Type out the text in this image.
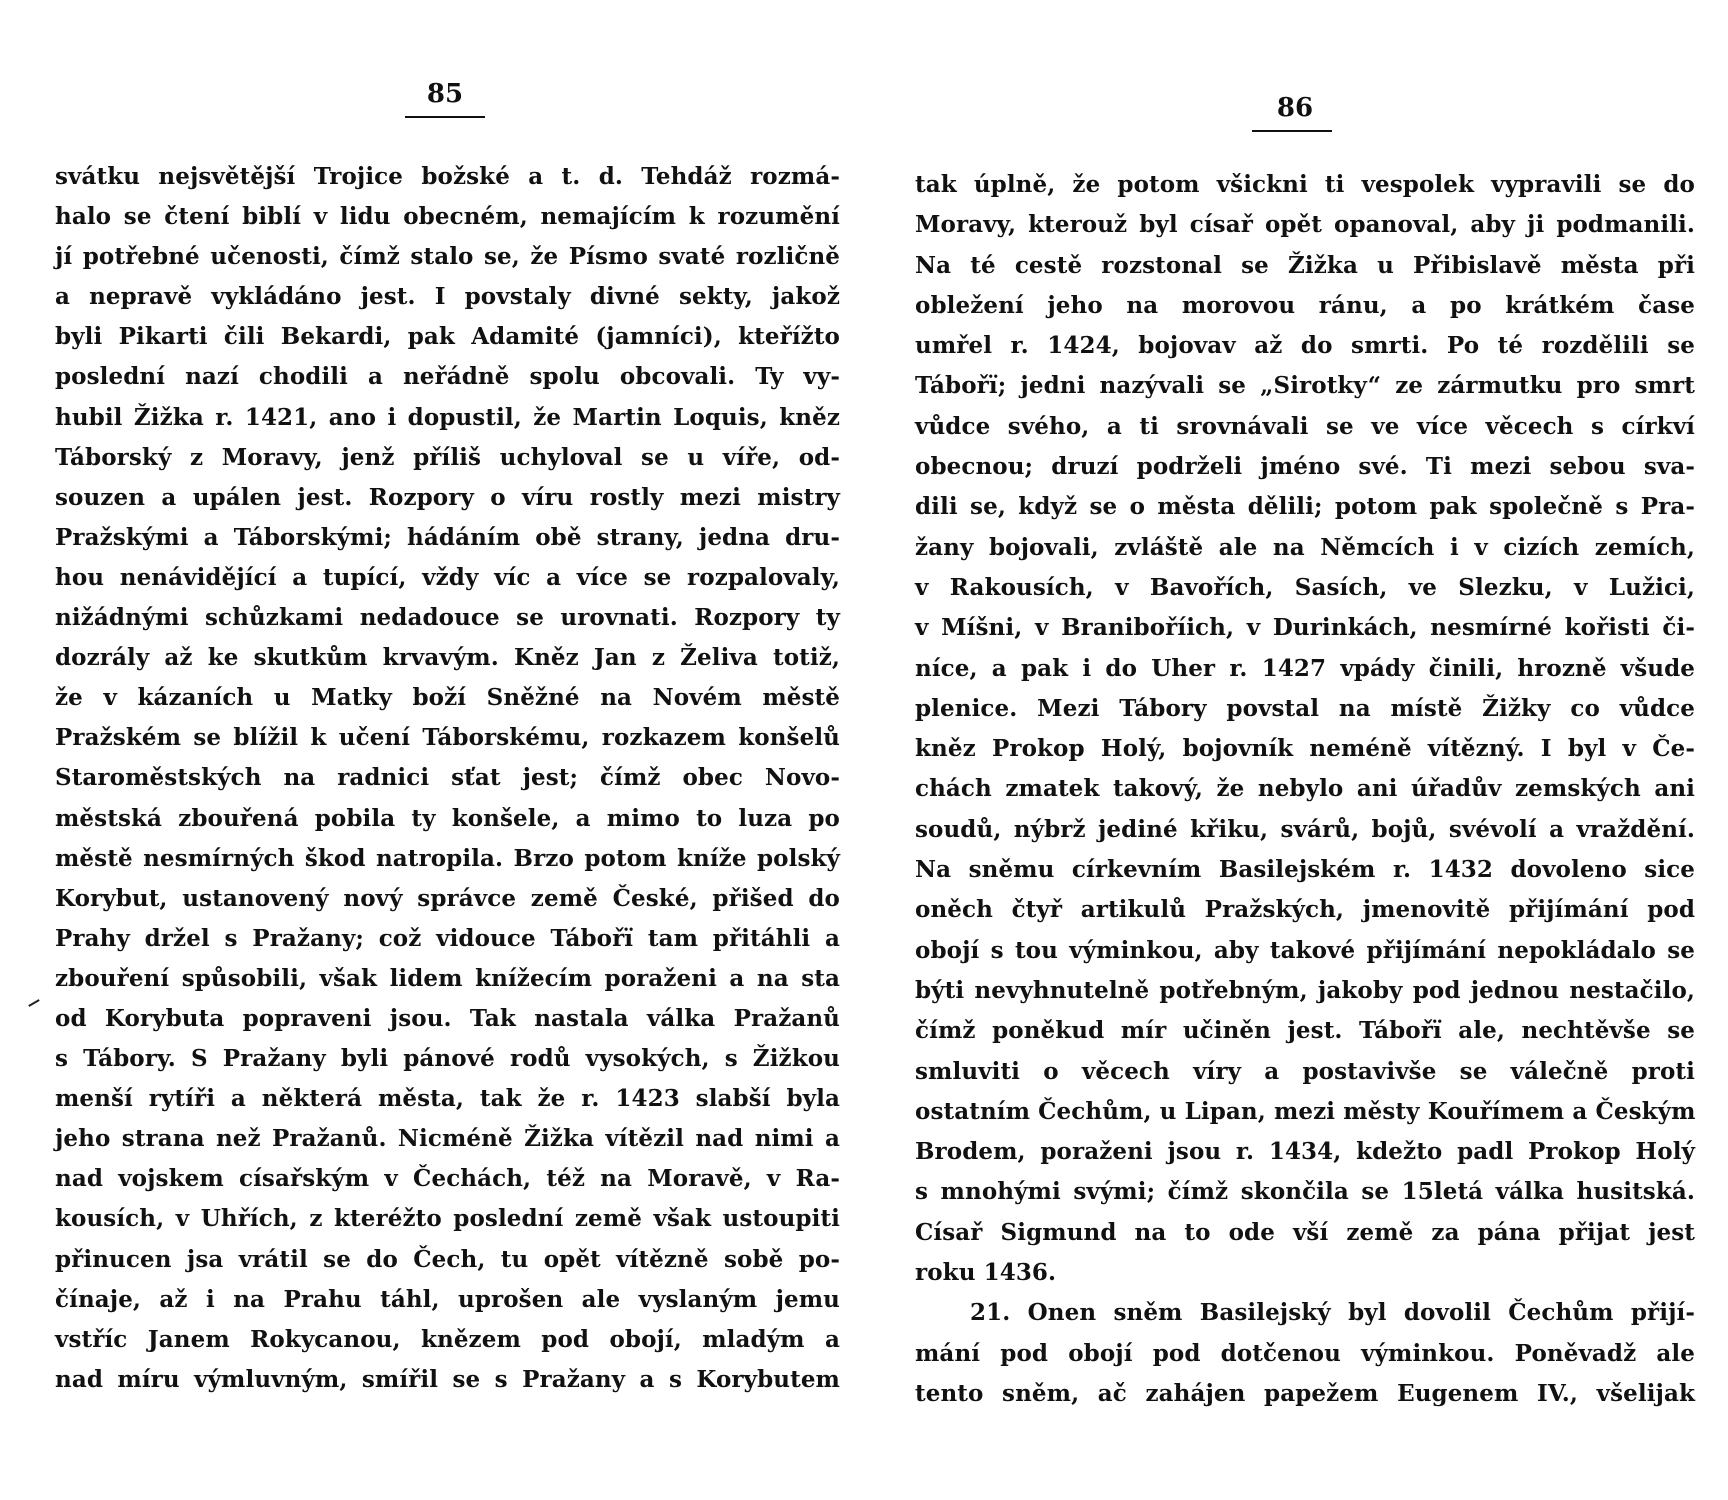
85
svátku nejsvětější Trojice božské a t. d. Tehdáž rozmá-
halo se čtení biblí v lidu obecném, nemajícím k rozumění
jí potřebné učenosti, čímž stalo se, že Písmo svaté rozličně
a nepravě vykládáno jest. I povstaly divné sekty, jakož
byli Pikarti čili Bekardi, pak Adamité (jamníci), kteřížto
poslední nazí chodili a neřádně spolu obcovali. Ty vy-
hubil Žižka r. 1421, ano i dopustil, že Martin Loquis, kněz
Táborský z Moravy, jenž příliš uchyloval se u víře, od-
souzen a upálen jest. Rozpory o víru rostly mezi mistry
Pražskými a Táborskými; hádáním obě strany, jedna dru-
hou nenávidějící a tupící, vždy víc a více se rozpalovaly,
nižádnými schůzkami nedadouce se urovnati. Rozpory ty
dozrály až ke skutkům krvavým. Kněz Jan z Želiva totiž,
že v kázaních u Matky boží Sněžné na Novém městě
Pražském se blížil k učení Táborskému, rozkazem konšelů
Staroměstských na radnici sťat jest; čímž obec Novo-
městská zbouřená pobila ty konšele, a mimo to luza po
městě nesmírných škod natropila. Brzo potom kníže polský
Korybut, ustanovený nový správce země České, přišed do
Prahy držel s Pražany; což vidouce Tábořï tam přitáhli a
zbouření spůsobili, však lidem knížecím poraženi a na sta
od Korybuta popraveni jsou. Tak nastala válka Pražanů
s Tábory. S Pražany byli pánové rodů vysokých, s Žižkou
menší rytíři a některá města, tak že r. 1423 slabší byla
jeho strana než Pražanů. Nicméně Žižka vítězil nad nimi a
nad vojskem císařským v Čechách, též na Moravě, v Ra-
kousích, v Uhřích, z kteréžto poslední země však ustoupiti
přinucen jsa vrátil se do Čech, tu opět vítězně sobě po-
čínaje, až i na Prahu táhl, uprošen ale vyslaným jemu
vstříc Janem Rokycanou, knězem pod obojí, mladým a
nad míru výmluvným, smířil se s Pražany a s Korybutem
86
tak úplně, že potom všickni ti vespolek vypravili se do
Moravy, kterouž byl císař opět opanoval, aby ji podmanili.
Na té cestě rozstonal se Žižka u Přibislavě města při
obležení jeho na morovou ránu, a po krátkém čase
umřel r. 1424, bojovav až do smrti. Po té rozdělili se
Tábořï; jedni nazývali se „Sirotky“ ze zármutku pro smrt
vůdce svého, a ti srovnávali se ve více věcech s církví
obecnou; druzí podrželi jméno své. Ti mezi sebou sva-
dili se, když se o města dělili; potom pak společně s Pra-
žany bojovali, zvláště ale na Němcích i v cizích zemích,
v Rakousích, v Bavořích, Sasích, ve Slezku, v Lužici,
v Míšni, v Braniboříich, v Durinkách, nesmírné kořisti či-
níce, a pak i do Uher r. 1427 vpády činili, hrozně všude
plenice. Mezi Tábory povstal na místě Žižky co vůdce
kněz Prokop Holý, bojovník neméně vítězný. I byl v Če-
chách zmatek takový, že nebylo ani úřadův zemských ani
soudů, nýbrž jediné křiku, svárů, bojů, svévolí a vraždění.
Na sněmu církevním Basilejském r. 1432 dovoleno sice
oněch čtyř artikulů Pražských, jmenovitě přijímání pod
obojí s tou výminkou, aby takové přijímání nepokládalo se
býti nevyhnutelně potřebným, jakoby pod jednou nestačilo,
čímž poněkud mír učiněn jest. Tábořï ale, nechtěvše se
smluviti o věcech víry a postavivše se válečně proti
ostatním Čechům, u Lipan, mezi městy Kouřímem a Českým
Brodem, poraženi jsou r. 1434, kdežto padl Prokop Holý
s mnohými svými; čímž skončila se 15letá válka husitská.
Císař Sigmund na to ode vší země za pána přijat jest
roku 1436.
21. Onen sněm Basilejský byl dovolil Čechům přijí-
mání pod obojí pod dotčenou výminkou. Poněvadž ale
tento sněm, ač zahájen papežem Eugenem IV., všelijak
